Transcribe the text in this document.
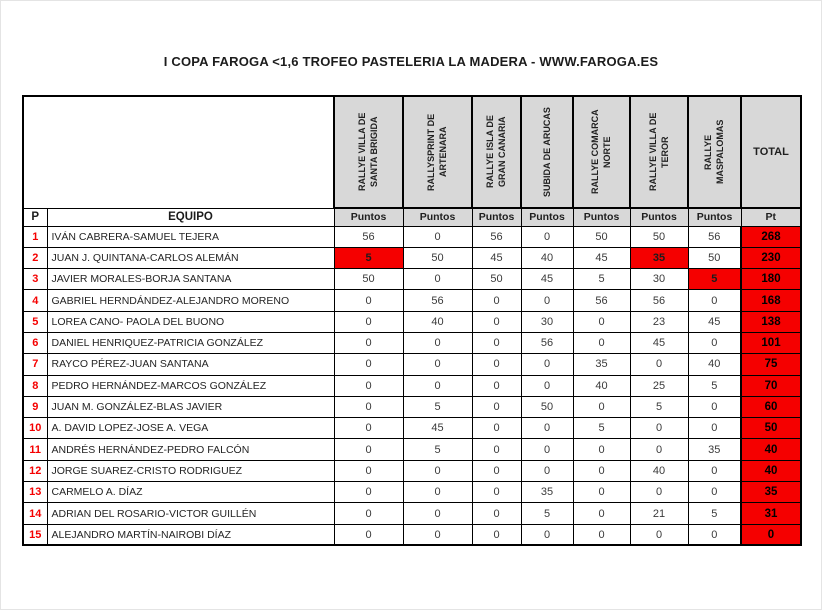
I COPA FAROGA <1,6 TROFEO PASTELERIA LA MADERA - WWW.FAROGA.ES

		RALLYE VILLA DE SANTA BRIGIDA	RALLYSPRINT DE ARTENARA	RALLYE ISLA DE GRAN CANARIA	SUBIDA DE ARUCAS	RALLYE COMARCA NORTE	RALLYE VILLA DE TEROR	RALLYE MASPALOMAS	TOTAL
P	EQUIPO	Puntos	Puntos	Puntos	Puntos	Puntos	Puntos	Puntos	Pt
1	IVÁN CABRERA-SAMUEL TEJERA	56	0	56	0	50	50	56	268
2	JUAN J. QUINTANA-CARLOS ALEMÁN	5	50	45	40	45	35	50	230
3	JAVIER MORALES-BORJA SANTANA	50	0	50	45	5	30	5	180
4	GABRIEL HERNDÁNDEZ-ALEJANDRO MORENO	0	56	0	0	56	56	0	168
5	LOREA CANO- PAOLA DEL BUONO	0	40	0	30	0	23	45	138
6	DANIEL HENRIQUEZ-PATRICIA GONZÁLEZ	0	0	0	56	0	45	0	101
7	RAYCO PÉREZ-JUAN SANTANA	0	0	0	0	35	0	40	75
8	PEDRO HERNÁNDEZ-MARCOS GONZÁLEZ	0	0	0	0	40	25	5	70
9	JUAN M. GONZÁLEZ-BLAS JAVIER	0	5	0	50	0	5	0	60
10	A. DAVID LOPEZ-JOSE A. VEGA	0	45	0	0	5	0	0	50
11	ANDRÉS HERNÁNDEZ-PEDRO FALCÓN	0	5	0	0	0	0	35	40
12	JORGE SUAREZ-CRISTO RODRIGUEZ	0	0	0	0	0	40	0	40
13	CARMELO A. DÍAZ	0	0	0	35	0	0	0	35
14	ADRIAN DEL ROSARIO-VICTOR GUILLÉN	0	0	0	5	0	21	5	31
15	ALEJANDRO MARTÍN-NAIROBI DÍAZ	0	0	0	0	0	0	0	0
